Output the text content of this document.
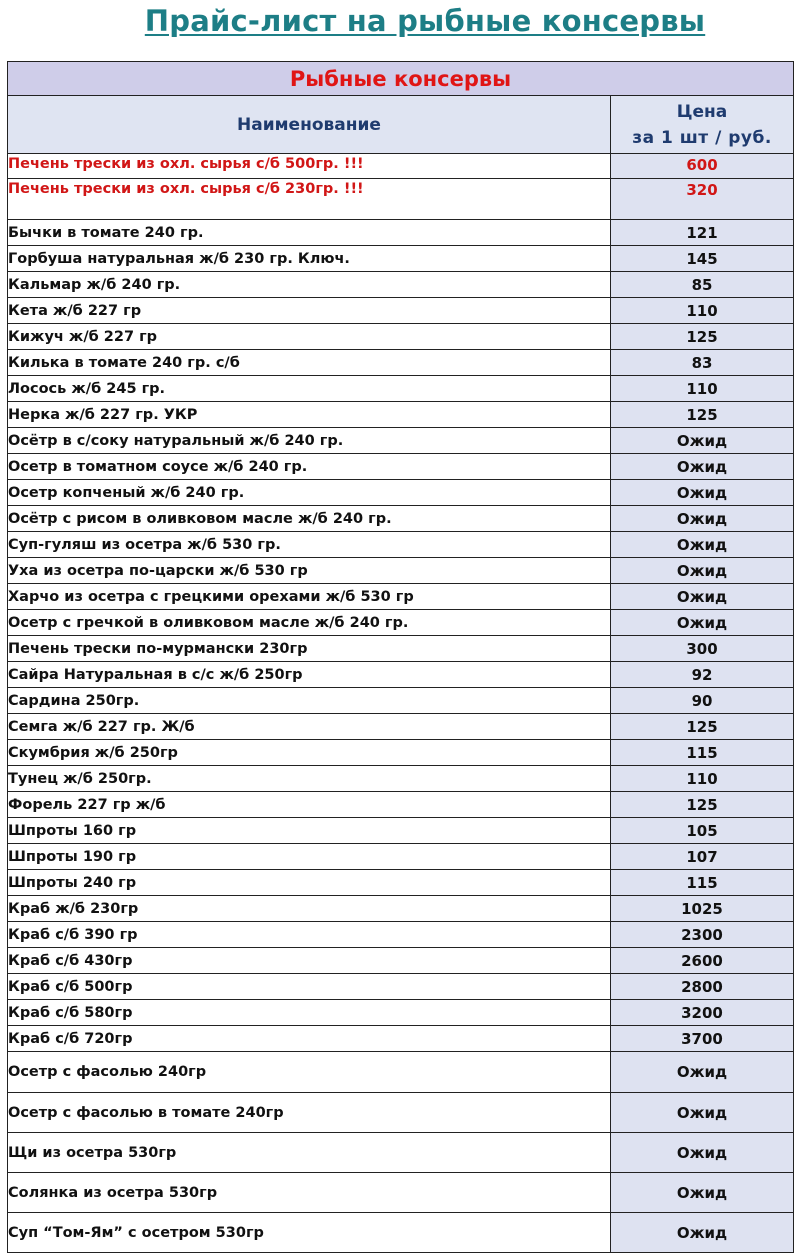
Прайс-лист на рыбные консервы
Рыбные консервы	
Наименование	Цена
за 1 шт / руб.

Печень трески из охл. сырья с/б 500гр. !!!	600
Печень трески из охл. сырья с/б 230гр. !!!	320
Бычки в томате 240 гр.	121
Горбуша натуральная ж/б 230 гр. Ключ.	145
Кальмар ж/б 240 гр.	85
Кета ж/б 227 гр	110
Кижуч ж/б 227 гр	125
Килька в томате 240 гр. с/б	83
Лосось ж/б 245 гр.	110
Нерка ж/б 227 гр. УКР	125
Осётр в с/соку натуральный ж/б 240 гр.	Ожид
Осетр в томатном соусе ж/б 240 гр.	Ожид
Осетр копченый ж/б 240 гр.	Ожид
Осётр с рисом в оливковом масле ж/б 240 гр.	Ожид
Суп-гуляш из осетра ж/б 530 гр.	Ожид
Уха из осетра по-царски ж/б 530 гр	Ожид
Харчо из осетра с грецкими орехами ж/б 530 гр	Ожид
Осетр с гречкой в оливковом масле ж/б 240 гр.	Ожид
Печень трески по-мурмански 230гр	300
Сайра Натуральная в с/с ж/б 250гр	92
Сардина 250гр.	90
Семга ж/б 227 гр. Ж/б	125
Скумбрия ж/б 250гр	115
Тунец ж/б 250гр.	110
Форель 227 гр ж/б	125
Шпроты 160 гр	105
Шпроты 190 гр	107
Шпроты 240 гр	115
Краб ж/б 230гр	1025
Краб с/б 390 гр	2300
Краб с/б 430гр	2600
Краб с/б 500гр	2800
Краб с/б 580гр	3200
Краб с/б 720гр	3700
Осетр с фасолью 240гр	Ожид
Осетр с фасолью в томате 240гр	Ожид
Щи из осетра 530гр	Ожид
Солянка из осетра 530гр	Ожид
Суп “Том-Ям” с осетром 530гр	Ожид
